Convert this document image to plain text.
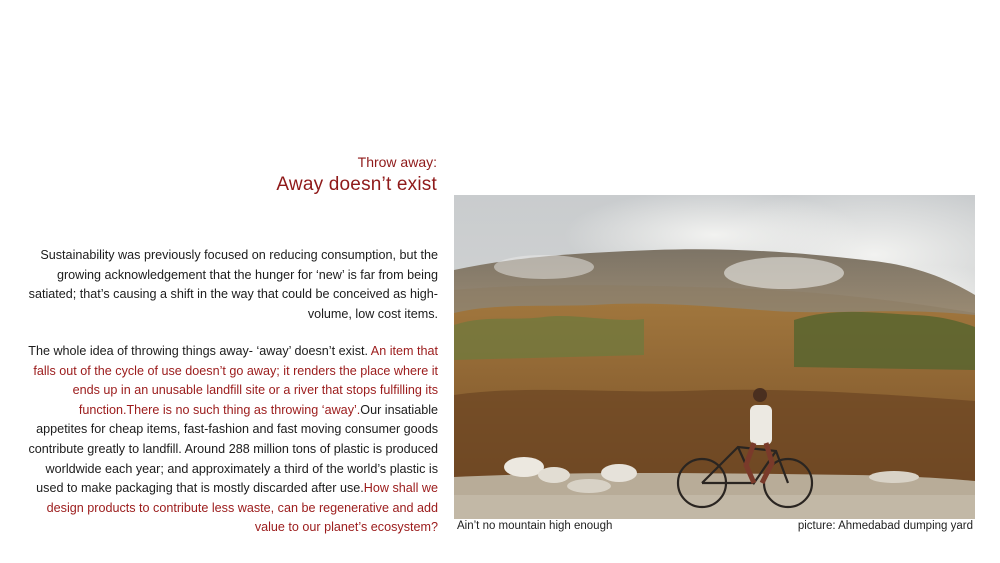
Throw away:
Away doesn’t exist

Sustainability was previously focused on reducing consumption, but the growing acknowledgement that the hunger for ‘new’ is far from being satiated; that’s causing a shift in the way that could be conceived as high-volume, low cost items.

The whole idea of throwing things away- ‘away’ doesn’t exist. An item that falls out of the cycle of use doesn’t go away; it renders the place where it ends up in an unusable landfill site or a river that stops fulfilling its function.There is no such thing as throwing ‘away’.Our insatiable appetites for cheap items, fast-fashion and fast moving consumer goods contribute greatly to landfill. Around 288 million tons of plastic is produced worldwide each year; and approximately a third of the world’s plastic is used to make packaging that is mostly discarded after use.How shall we design products to contribute less waste, can be regenerative and add value to our planet’s ecosystem? Ain’t no mountain high enough	picture: Ahmedabad dumping yard
